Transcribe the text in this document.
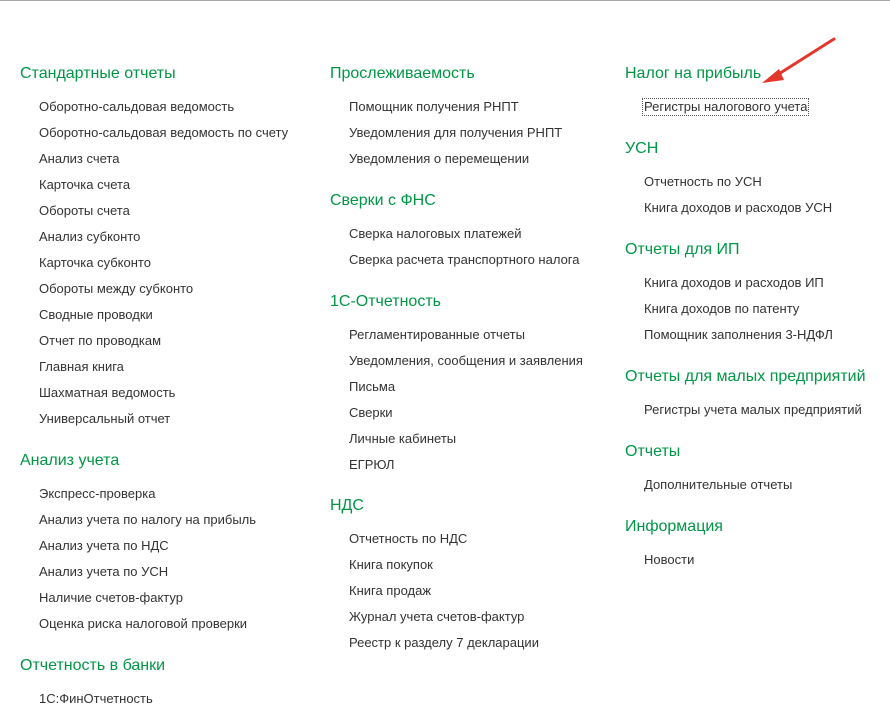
Стандартные отчеты
Оборотно-сальдовая ведомость
Оборотно-сальдовая ведомость по счету
Анализ счета
Карточка счета
Обороты счета
Анализ субконто
Карточка субконто
Обороты между субконто
Сводные проводки
Отчет по проводкам
Главная книга
Шахматная ведомость
Универсальный отчет
Анализ учета
Экспресс-проверка
Анализ учета по налогу на прибыль
Анализ учета по НДС
Анализ учета по УСН
Наличие счетов-фактур
Оценка риска налоговой проверки
Отчетность в банки
1С:ФинОтчетность
Прослеживаемость
Помощник получения РНПТ
Уведомления для получения РНПТ
Уведомления о перемещении
Сверки с ФНС
Сверка налоговых платежей
Сверка расчета транспортного налога
1С-Отчетность
Регламентированные отчеты
Уведомления, сообщения и заявления
Письма
Сверки
Личные кабинеты
ЕГРЮЛ
НДС
Отчетность по НДС
Книга покупок
Книга продаж
Журнал учета счетов-фактур
Реестр к разделу 7 декларации
Налог на прибыль
Регистры налогового учета
УСН
Отчетность по УСН
Книга доходов и расходов УСН
Отчеты для ИП
Книга доходов и расходов ИП
Книга доходов по патенту
Помощник заполнения 3-НДФЛ
Отчеты для малых предприятий
Регистры учета малых предприятий
Отчеты
Дополнительные отчеты
Информация
Новости
